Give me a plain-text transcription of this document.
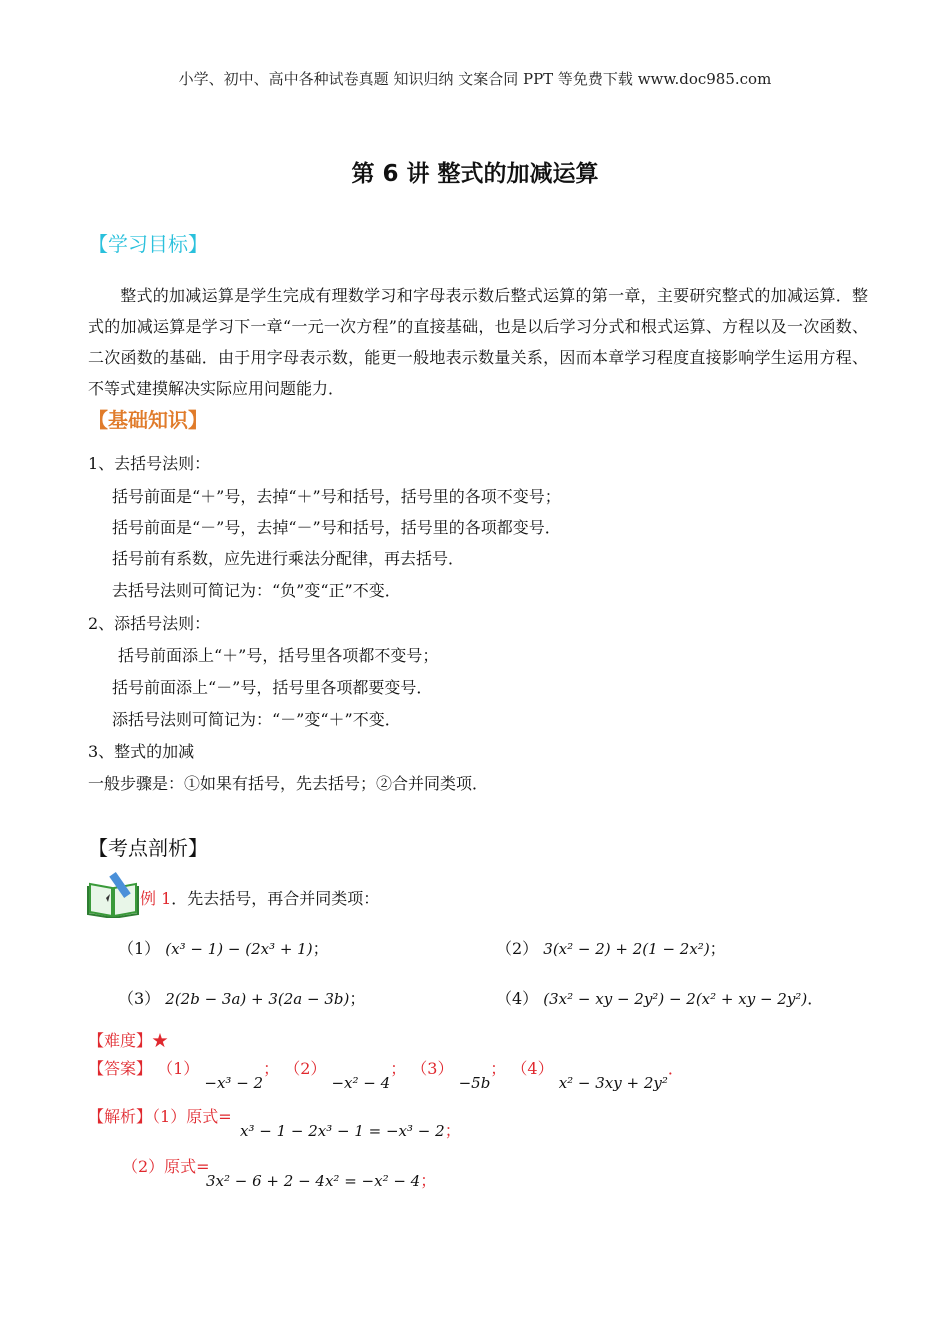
小学、初中、高中各种试卷真题 知识归纳 文案合同 PPT 等免费下载 www.doc985.com
第 6 讲 整式的加减运算
【学习目标】
整式的加减运算是学生完成有理数学习和字母表示数后整式运算的第一章，主要研究整式的加减运算．整式的加减运算是学习下一章“一元一次方程”的直接基础，也是以后学习分式和根式运算、方程以及一次函数、二次函数的基础．由于用字母表示数，能更一般地表示数量关系，因而本章学习程度直接影响学生运用方程、不等式建摸解决实际应用问题能力．
【基础知识】
1、去括号法则：
括号前面是“＋”号，去掉“＋”号和括号，括号里的各项不变号；
括号前面是“－”号，去掉“－”号和括号，括号里的各项都变号．
括号前有系数，应先进行乘法分配律，再去括号．
去括号法则可简记为：“负”变“正”不变．
2、添括号法则：
括号前面添上“＋”号，括号里各项都不变号；
括号前面添上“－”号，括号里各项都要变号．
添括号法则可简记为：“－”变“＋”不变．
3、整式的加减
一般步骤是：①如果有括号，先去括号；②合并同类项．
【考点剖析】
例 1．先去括号，再合并同类项：
（1） (x³ − 1) − (2x³ + 1)；	（2） 3(x² − 2) + 2(1 − 2x²)；
（3） 2(2b − 3a) + 3(2a − 3b)；	（4） (3x² − xy − 2y²) − 2(x² + xy − 2y²)．
【难度】★
【答案】 （1） −x³ − 2； （2） −x² − 4； （3） −5b； （4） x² − 3xy + 2y²．
【解析】（1）原式=
x³ − 1 − 2x³ − 1 = −x³ − 2；
（2）原式=
3x² − 6 + 2 − 4x² = −x² − 4；
